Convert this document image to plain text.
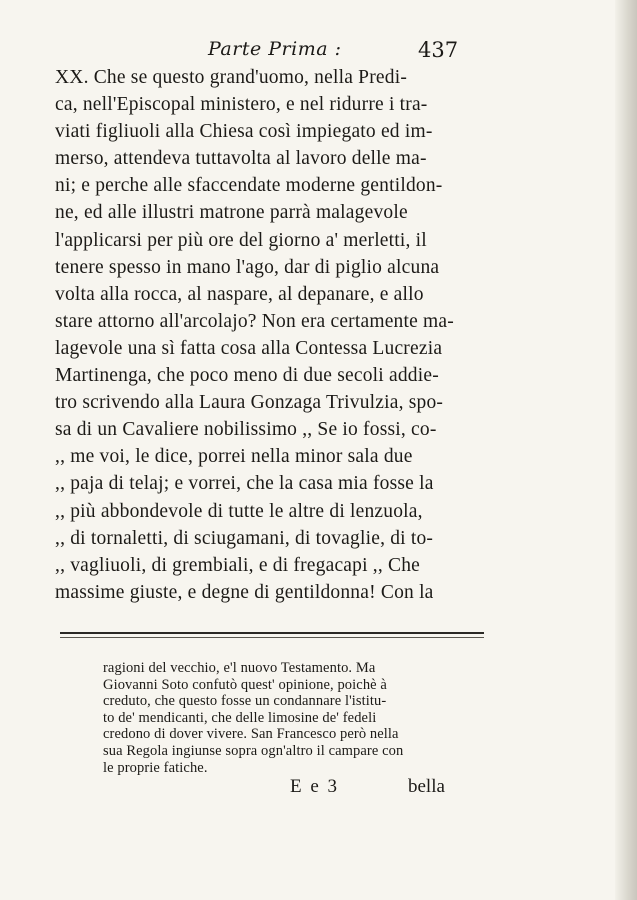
Parte Prima :	437
XX. Che se questo grand'uomo, nella Predi-
ca, nell'Episcopal ministero, e nel ridurre i tra-
viati figliuoli alla Chiesa così impiegato ed im-
merso, attendeva tuttavolta al lavoro delle ma-
ni; e perche alle sfaccendate moderne gentildon-
ne, ed alle illustri matrone parrà malagevole
l'applicarsi per più ore del giorno a' merletti, il
tenere spesso in mano l'ago, dar di piglio alcuna
volta alla rocca, al naspare, al depanare, e allo
stare attorno all'arcolajo? Non era certamente ma-
lagevole una sì fatta cosa alla Contessa Lucrezia
Martinenga, che poco meno di due secoli addie-
tro scrivendo alla Laura Gonzaga Trivulzia, spo-
sa di un Cavaliere nobilissimo ,, Se io fossi, co-
,, me voi, le dice, porrei nella minor sala due
,, paja di telaj; e vorrei, che la casa mia fosse la
,, più abbondevole di tutte le altre di lenzuola,
,, di tornaletti, di sciugamani, di tovaglie, di to-
,, vagliuoli, di grembiali, e di fregacapi ,, Che
massime giuste, e degne di gentildonna! Con la
ragioni del vecchio, e'l nuovo Testamento. Ma
Giovanni Soto confutò quest' opinione, poichè à
creduto, che questo fosse un condannare l'istitu-
to de' mendicanti, che delle limosine de' fedeli
credono di dover vivere. San Francesco però nella
sua Regola ingiunse sopra ogn'altro il campare con
le proprie fatiche.
E e 3	bella
